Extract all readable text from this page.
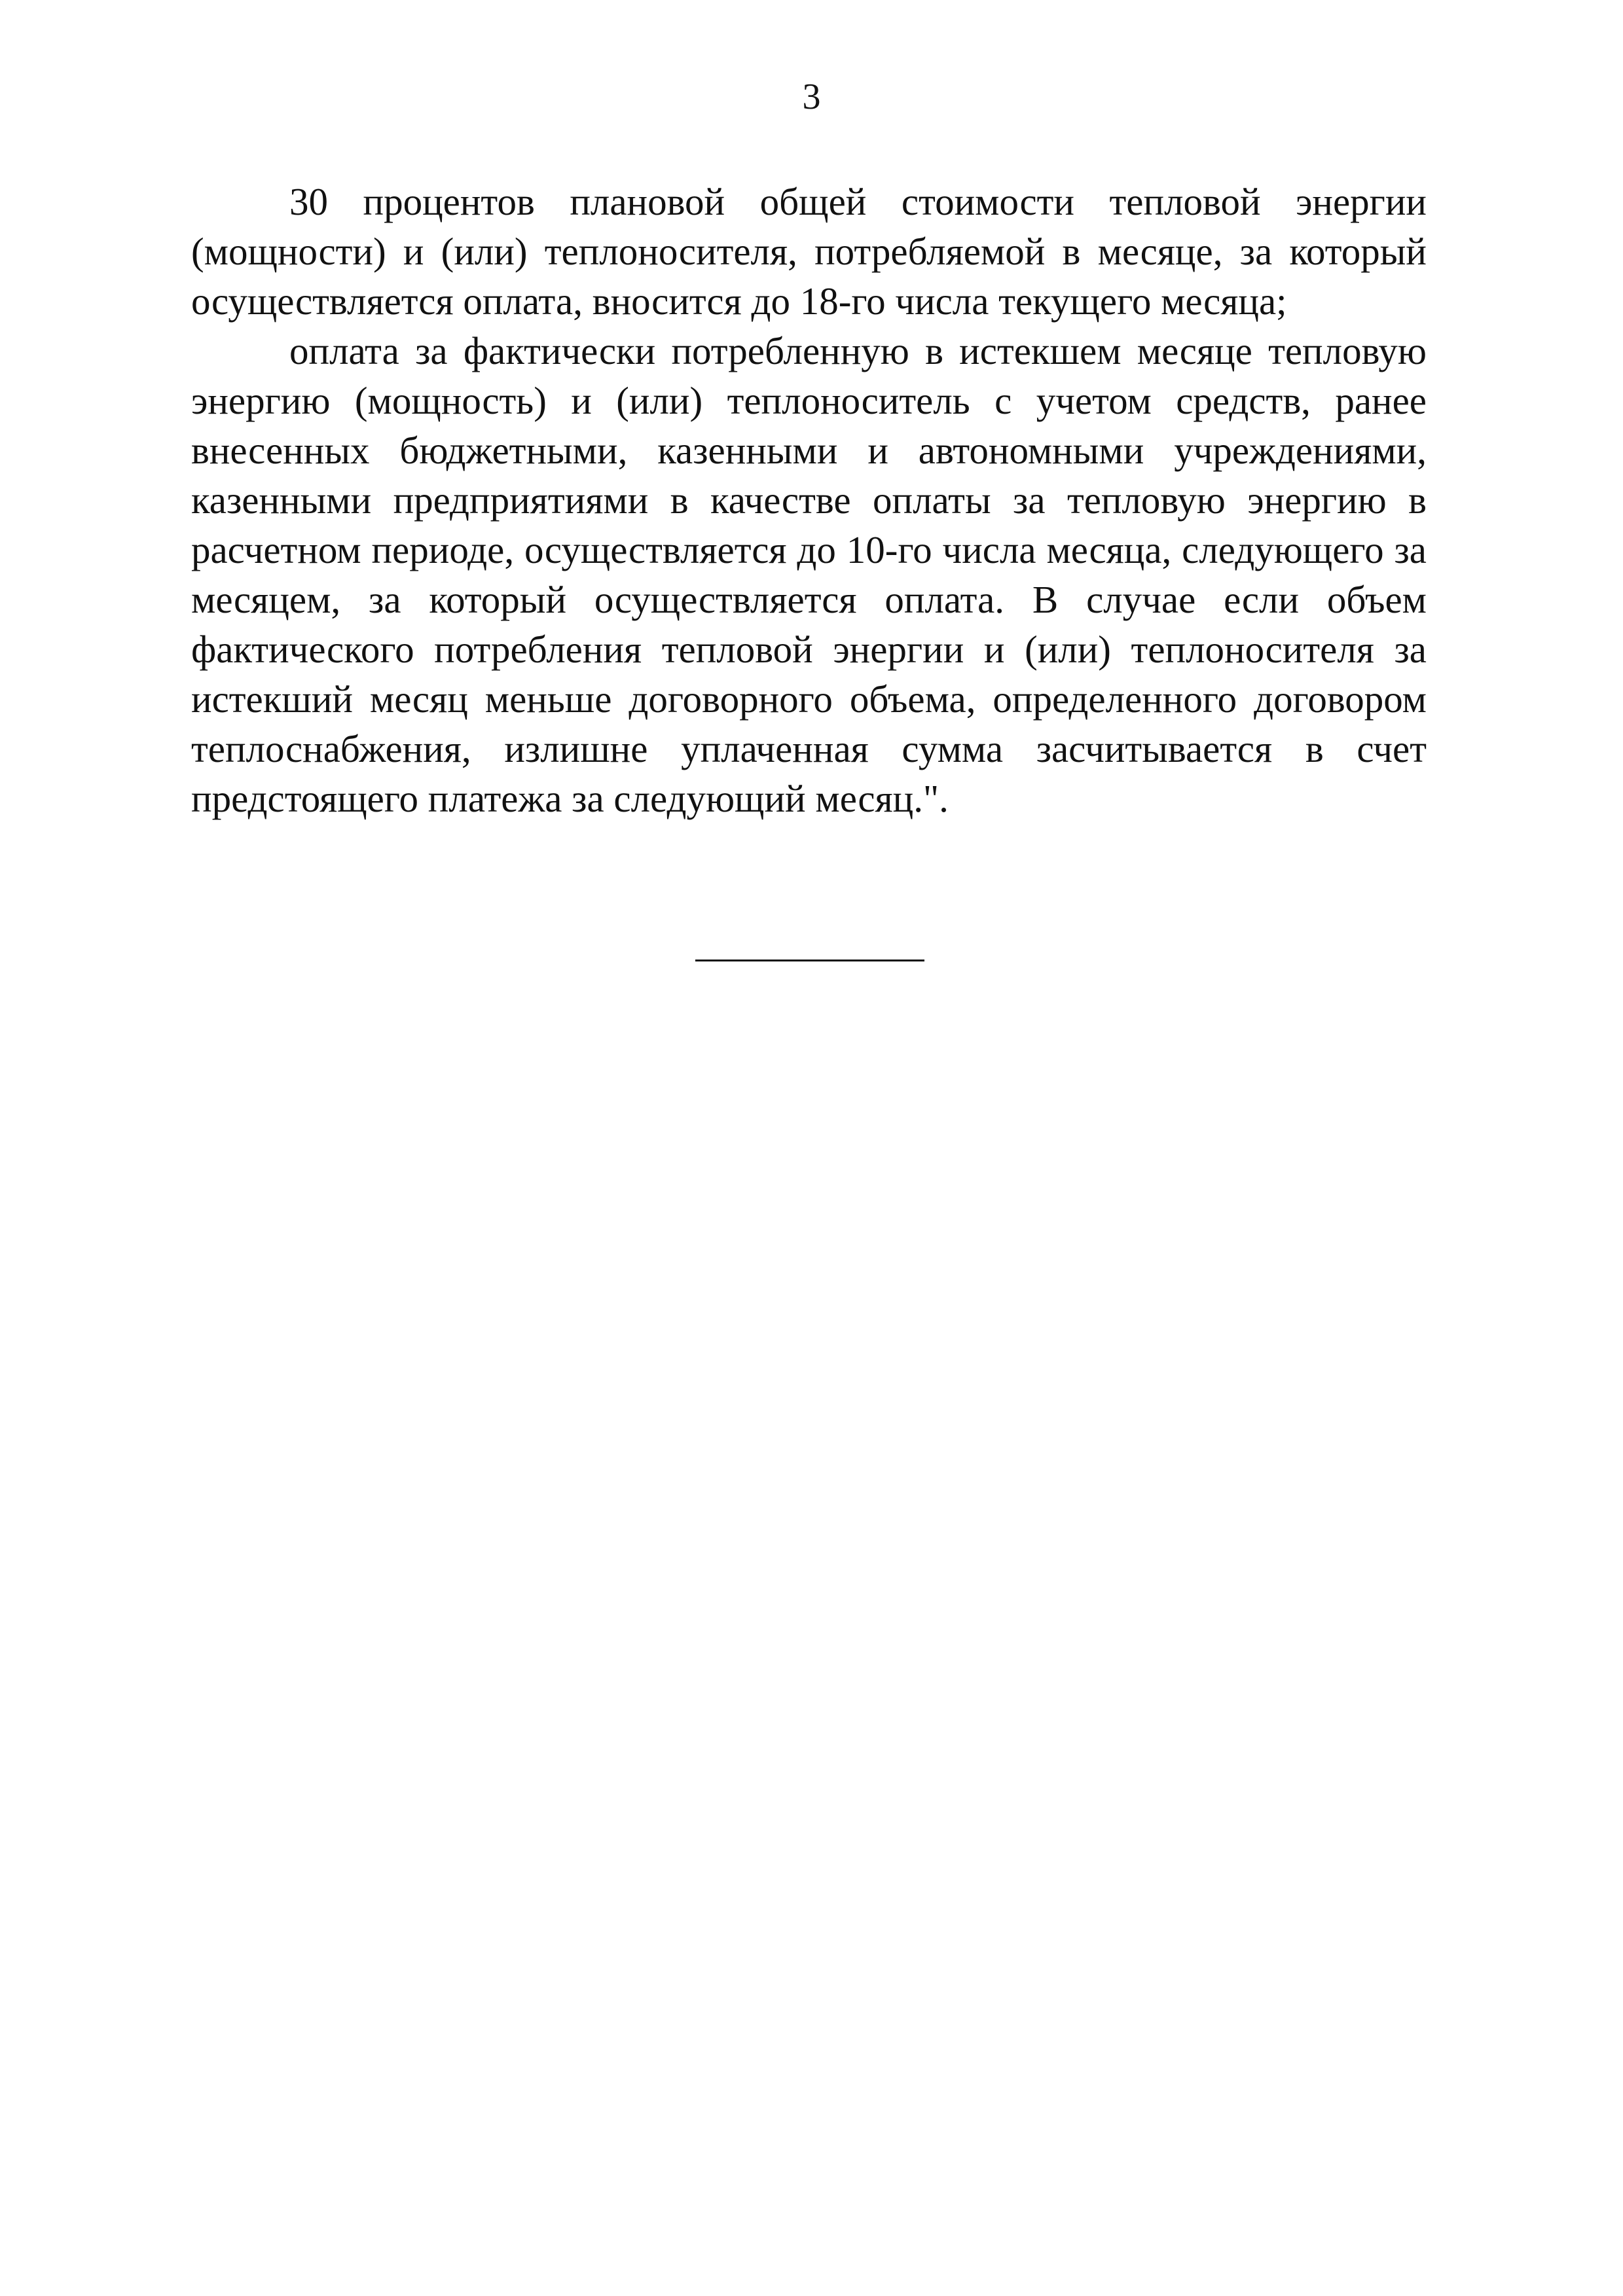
3

30 процентов плановой общей стоимости тепловой энергии (мощности) и (или) теплоносителя, потребляемой в месяце, за который осуществляется оплата, вносится до 18-го числа текущего месяца;

оплата за фактически потребленную в истекшем месяце тепловую энергию (мощность) и (или) теплоноситель с учетом средств, ранее внесенных бюджетными, казенными и автономными учреждениями, казенными предприятиями в качестве оплаты за тепловую энергию в расчетном периоде, осуществляется до 10-го числа месяца, следующего за месяцем, за который осуществляется оплата. В случае если объем фактического потребления тепловой энергии и (или) теплоносителя за истекший месяц меньше договорного объема, определенного договором теплоснабжения, излишне уплаченная сумма засчитывается в счет предстоящего платежа за следующий месяц.".
